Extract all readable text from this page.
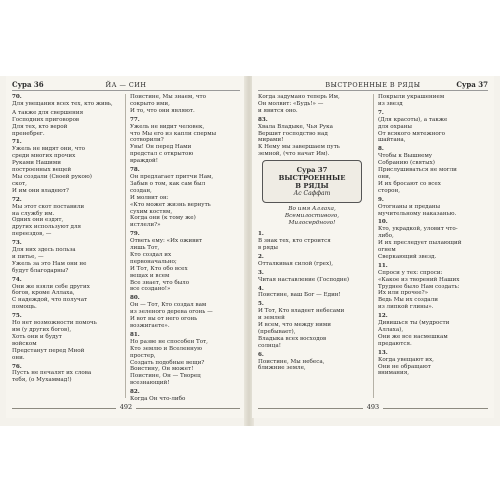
Сура 36	ЙА — СИН
70.
Для увещания всех тех, кто живь,
А также для свершения
Господних приговоров
Для тех, кто верой
пренебрег.
71.
Ужель не видят они, что
среди многих прочих
Руками Нашими
построенных вещей
Мы создали (Своей рукою)
скот,
И им они владеют?
72.
Мы этот скот поставили
на службу им.
Одних они ездят,
других используют для
переездов, —
73.
Для них здесь польза
и питье, —
Ужель за это Нам они не
будут благодарны?
74.
Они же взяли себе других
богов, кроме Аллаха,
С надеждой, что получат
помощь.
75.
Но нет возможности помочь
им (у других богов),
Хоть они и будут
войском
Предстанут перед Мной
они.
76.
Пусть не печалят их слова
тебя, (о Мухаммад!)
Поистине, Мы знаем, что
сокрыто ими,
И то, что они являют.
77.
Ужель не видит человек,
что Мы его из капли спермы
сотворили?
Увы! Он перед Нами
предстал с открытою
враждой!
78.
Он предлагает притчи Нам,
Забыв о том, как сам был
создан,
И молвит он:
«Кто может жизнь вернуть
сухим костям,
Когда они (к тому же)
истлели?»
79.
Ответь ему: «Их оживит
лишь Тот,
Кто создал их
первоначально;
И Тот, Кто обо всех
вещах и всем
Все знает, что было
все создано!»
80.
Он — Тот, Кто создал вам
из зеленого дерева огонь —
И вот вы от него огонь
возжигаете».
81.
Но разве не способен Тот,
Кто землю и Вселенную
простер,
Создать подобные вещи?
Воистину, Он может!
Поистине, Он — Творец
всезнающий!
82.
Когда Он что-либо
492
ВЫСТРОЕННЫЕ В РЯДЫ	Сура 37
Когда задумано теперь Им,
Он молвит: «Будь!» —
и явится оно.
83.
Хвала Владыке, Чья Рука
Вершит господство над
мирами!
К Нему мы завершаем путь
земной, (что начат Им).
Сура 37
ВЫСТРОЕННЫЕ
В РЯДЫ
Ас Саффат
Во имя Аллаха,
Всемилостивого,
Милосердного!
1.
В знак тех, кто строится
в ряды
2.
Отталкивая силой (грех),
3.
Читая наставление (Господне)
4.
Поистине, ваш Бог — Един!
5.
И Тот, Кто владеет небесами
и землей
И всем, что между ними
(пребывает),
Владыка всех восходов
солнца!
6.
Поистине, Мы небеса,
ближние земле,
Покрыли украшением
из звезд
7.
(Для красоты), а также
для охраны
От всякого мятежного
шайтана,
8.
Чтобы к Вышнему
Собранию (святых)
Прислушиваться не могли
они,
И их бросают со всех
сторон,
9.
Отогнаны и преданы
мучительному наказанью.
10.
Кто, украдкой, уловит что-
либо,
И их преследует пылающий
огнем
Сверкающий звезд.
11.
Спроси у тех: спроси:
«Какое из творений Наших
Труднее было Нам создать:
Их или прочее?»
Ведь Мы их создали
из липкой глины».
12.
Дивишься ты (мудрости
Аллаха),
Они же все насмешкам
предаются.
13.
Когда увещают их,
Они не обращают
внимания,
493
